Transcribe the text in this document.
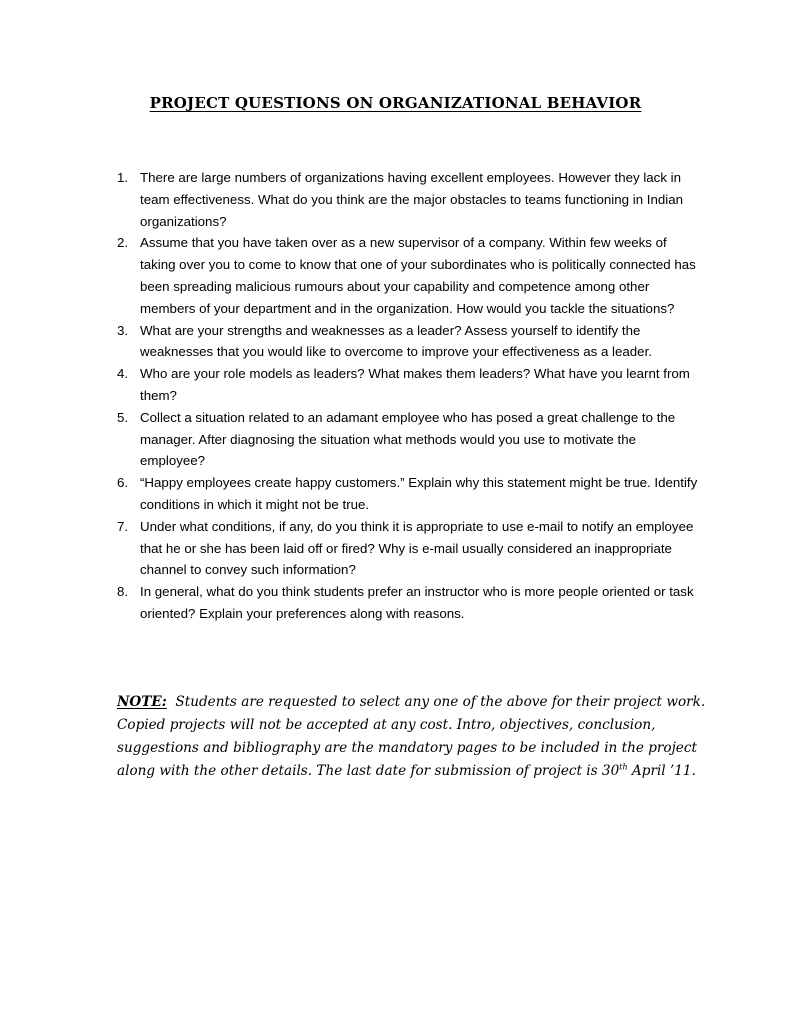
PROJECT QUESTIONS ON ORGANIZATIONAL BEHAVIOR
1. There are large numbers of organizations having excellent employees. However they lack in team effectiveness. What do you think are the major obstacles to teams functioning in Indian organizations?
2. Assume that you have taken over as a new supervisor of a company. Within few weeks of taking over you to come to know that one of your subordinates who is politically connected has been spreading malicious rumours about your capability and competence among other members of your department and in the organization. How would you tackle the situations?
3. What are your strengths and weaknesses as a leader? Assess yourself to identify the weaknesses that you would like to overcome to improve your effectiveness as a leader.
4. Who are your role models as leaders? What makes them leaders? What have you learnt from them?
5. Collect a situation related to an adamant employee who has posed a great challenge to the manager. After diagnosing the situation what methods would you use to motivate the employee?
6. “Happy employees create happy customers.” Explain why this statement might be true. Identify conditions in which it might not be true.
7. Under what conditions, if any, do you think it is appropriate to use e-mail to notify an employee that he or she has been laid off or fired? Why is e-mail usually considered an inappropriate channel to convey such information?
8. In general, what do you think students prefer an instructor who is more people oriented or task oriented? Explain your preferences along with reasons.

NOTE: Students are requested to select any one of the above for their project work. Copied projects will not be accepted at any cost. Intro, objectives, conclusion, suggestions and bibliography are the mandatory pages to be included in the project along with the other details. The last date for submission of project is 30th April ’11.
